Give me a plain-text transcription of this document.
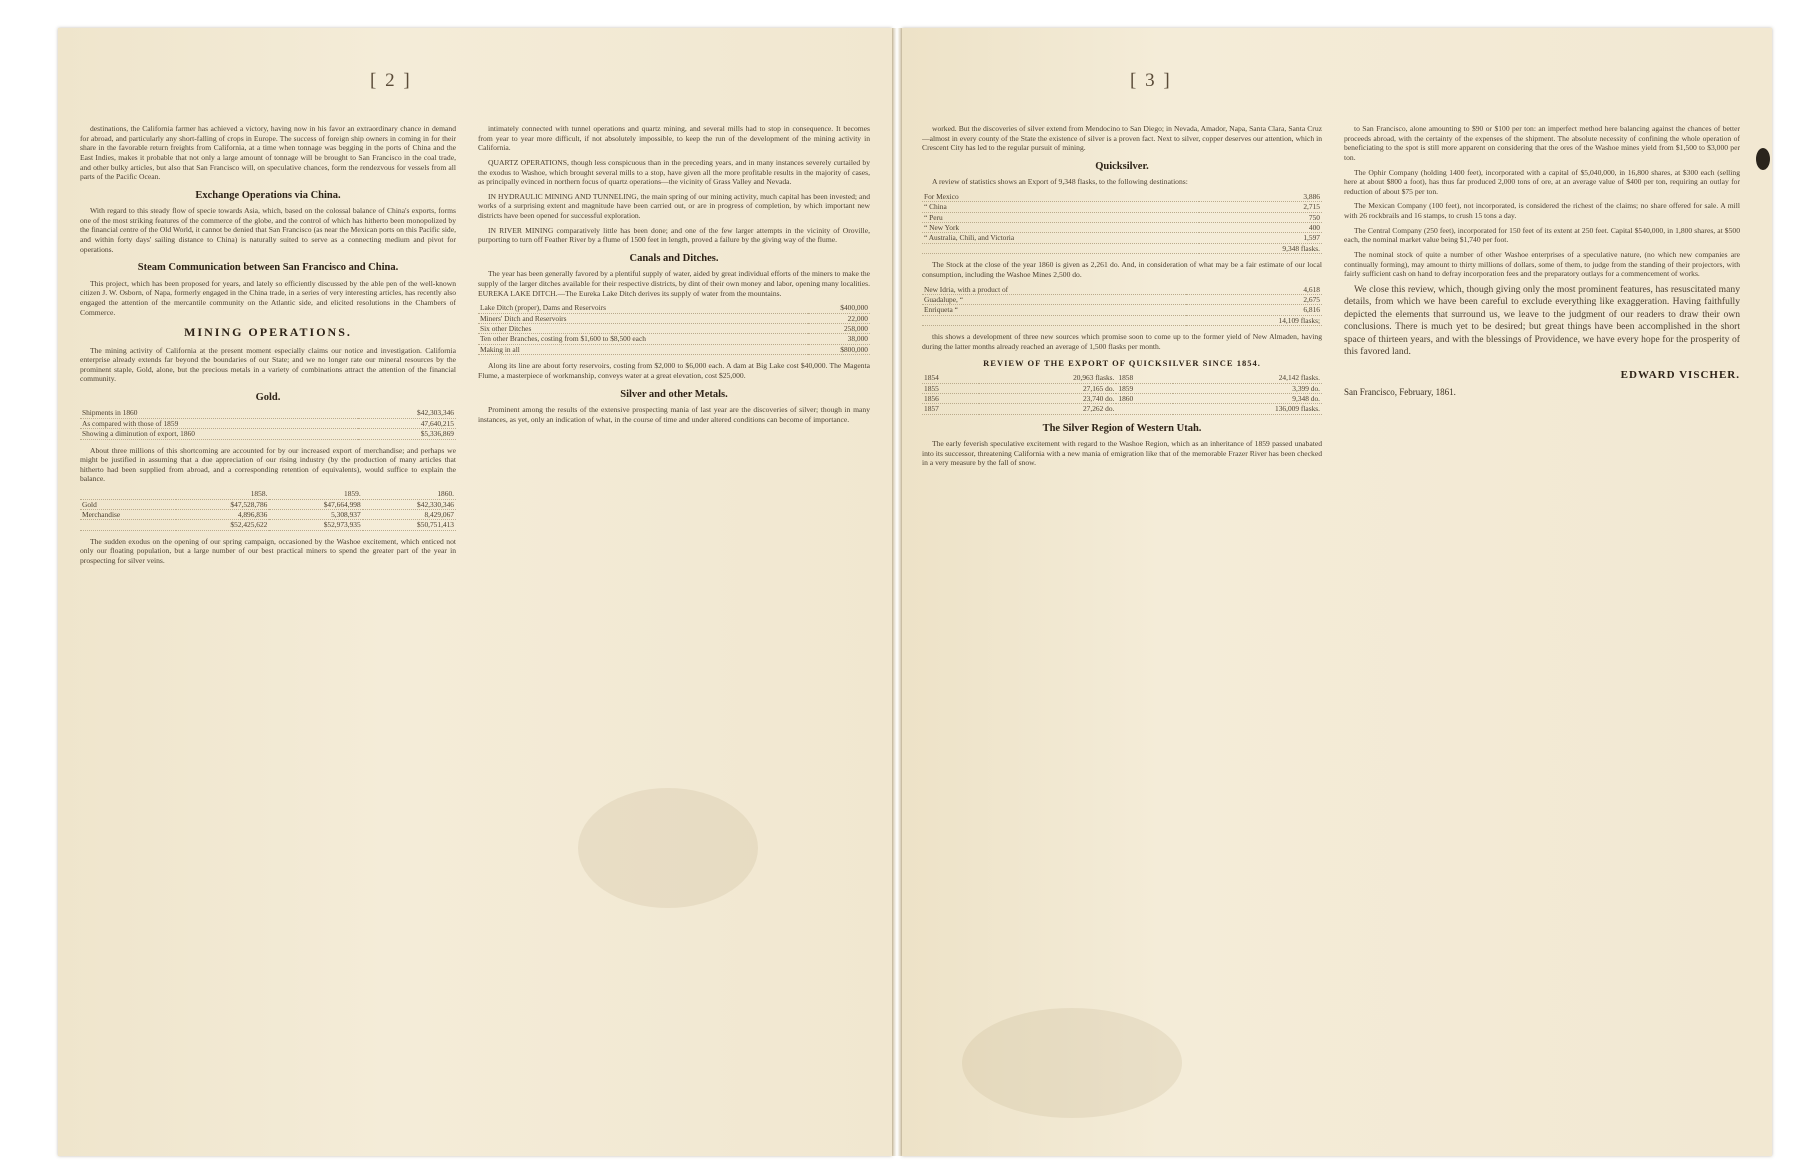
[ 2 ]

destinations, the California farmer has achieved a victory, having now in his favor an extraordinary chance in demand for abroad, and particularly any short-falling of crops in Europe. The success of foreign ship owners in coming in for their share in the favorable return freights from California, at a time when tonnage was begging in the ports of China and the East Indies, makes it probable that not only a large amount of tonnage will be brought to San Francisco in the coal trade, and other bulky articles, but also that San Francisco will, on speculative chances, form the rendezvous for vessels from all parts of the Pacific Ocean.

Exchange Operations via China.

With regard to this steady flow of specie towards Asia, which, based on the colossal balance of China's exports, forms one of the most striking features of the commerce of the globe, and the control of which has hitherto been monopolized by the financial centre of the Old World, it cannot be denied that San Francisco (as near the Mexican ports on this Pacific side, and within forty days' sailing distance to China) is naturally suited to serve as a connecting medium and pivot for operations.

Steam Communication between San Francisco and China.

This project, which has been proposed for years, and lately so efficiently discussed by the able pen of the well-known citizen J. W. Osborn, of Napa, formerly engaged in the China trade, in a series of very interesting articles, has recently also engaged the attention of the mercantile community on the Atlantic side, and elicited resolutions in the Chambers of Commerce.

MINING OPERATIONS.

The mining activity of California at the present moment especially claims our notice and investigation. California enterprise already extends far beyond the boundaries of our State; and we no longer rate our mineral resources by the prominent staple, Gold, alone, but the precious metals in a variety of combinations attract the attention of the financial community.

Gold.
Shipments in 1860	$42,303,346
As compared with those of 1859	47,640,215
Showing a diminution of export, 1860	$5,336,869

About three millions of this shortcoming are accounted for by our increased export of merchandise; and perhaps we might be justified in assuming that a due appreciation of our rising industry (by the production of many articles that hitherto had been supplied from abroad, and a corresponding retention of equivalents), would suffice to explain the balance.

	1858.	1859.	1860.
Gold	$47,528,786	$47,664,998	$42,330,346
Merchandise	4,896,836	5,308,937	8,429,067
	$52,425,622	$52,973,935	$50,751,413

The sudden exodus on the opening of our spring campaign, occasioned by the Washoe excitement, which enticed not only our floating population, but a large number of our best practical miners to spend the greater part of the year in prospecting for silver veins.

intimately connected with tunnel operations and quartz mining, and several mills had to stop in consequence. It becomes from year to year more difficult, if not absolutely impossible, to keep the run of the development of the mining activity in California.

QUARTZ OPERATIONS, though less conspicuous than in the preceding years, and in many instances severely curtailed by the exodus to Washoe, which brought several mills to a stop, have given all the more profitable results in the majority of cases, as principally evinced in northern focus of quartz operations—the vicinity of Grass Valley and Nevada.

IN HYDRAULIC MINING AND TUNNELING, the main spring of our mining activity, much capital has been invested; and works of a surprising extent and magnitude have been carried out, or are in progress of completion, by which important new districts have been opened for successful exploration.

IN RIVER MINING comparatively little has been done; and one of the few larger attempts in the vicinity of Oroville, purporting to turn off Feather River by a flume of 1500 feet in length, proved a failure by the giving way of the flume.

Canals and Ditches.

The year has been generally favored by a plentiful supply of water, aided by great individual efforts of the miners to make the supply of the larger ditches available for their respective districts, by dint of their own money and labor, opening many localities. EUREKA LAKE DITCH.—The Eureka Lake Ditch derives its supply of water from the mountains.

Lake Ditch (proper), Dams and Reservoirs	$400,000
Miners' Ditch and Reservoirs	22,000
Six other Ditches	258,000
Ten other Branches, costing from $1,600 to $8,500 each	38,000
Making in all	$800,000

Along its line are about forty reservoirs, costing from $2,000 to $6,000 each. A dam at Big Lake cost $40,000. The Magenta Flume, a masterpiece of workmanship, conveys water at a great elevation, cost $25,000.

Silver and other Metals.

Prominent among the results of the extensive prospecting mania of last year are the discoveries of silver; though in many instances, as yet, only an indication of what, in the course of time and under altered conditions can become of importance.

[ 3 ]

worked. But the discoveries of silver extend from Mendocino to San Diego; in Nevada, Amador, Napa, Santa Clara, Santa Cruz—almost in every county of the State the existence of silver is a proven fact. Next to silver, copper deserves our attention, which in Crescent City has led to the regular pursuit of mining.

Quicksilver.

A review of statistics shows an Export of 9,348 flasks, to the following destinations:

For Mexico	3,886
“ China	2,715
“ Peru	750
“ New York	400
“ Australia, Chili, and Victoria	1,597
	9,348 flasks.

The Stock at the close of the year 1860 is given as 2,261 do. And, in consideration of what may be a fair estimate of our local consumption, including the Washoe Mines 2,500 do.

New Idria, with a product of	4,618
Guadalupe, “	2,675
Enriqueta “	6,816
	14,109 flasks;

this shows a development of three new sources which promise soon to come up to the former yield of New Almaden, having during the latter months already reached an average of 1,500 flasks per month.

REVIEW OF THE EXPORT OF QUICKSILVER SINCE 1854.
1854	20,963 flasks.	1858	24,142 flasks.
1855	27,165 do.	1859	3,399 do.
1856	23,740 do.	1860	9,348 do.
1857	27,262 do.		136,009 flasks.
The Silver Region of Western Utah.

The early feverish speculative excitement with regard to the Washoe Region, which as an inheritance of 1859 passed unabated into its successor, threatening California with a new mania of emigration like that of the memorable Frazer River has been checked in a very measure by the fall of snow.

to San Francisco, alone amounting to $90 or $100 per ton: an imperfect method here balancing against the chances of better proceeds abroad, with the certainty of the expenses of the shipment. The absolute necessity of confining the whole operation of beneficiating to the spot is still more apparent on considering that the ores of the Washoe mines yield from $1,500 to $3,000 per ton.

The Ophir Company (holding 1400 feet), incorporated with a capital of $5,040,000, in 16,800 shares, at $300 each (selling here at about $800 a foot), has thus far produced 2,000 tons of ore, at an average value of $400 per ton, requiring an outlay for reduction of about $75 per ton.

The Mexican Company (100 feet), not incorporated, is considered the richest of the claims; no share offered for sale. A mill with 26 rockbrails and 16 stamps, to crush 15 tons a day.

The Central Company (250 feet), incorporated for 150 feet of its extent at 250 feet. Capital $540,000, in 1,800 shares, at $500 each, the nominal market value being $1,740 per foot.

The nominal stock of quite a number of other Washoe enterprises of a speculative nature, (no which new companies are continually forming), may amount to thirty millions of dollars, some of them, to judge from the standing of their projectors, with fairly sufficient cash on hand to defray incorporation fees and the preparatory outlays for a commencement of works.

We close this review, which, though giving only the most prominent features, has resuscitated many details, from which we have been careful to exclude everything like exaggeration. Having faithfully depicted the elements that surround us, we leave to the judgment of our readers to draw their own conclusions. There is much yet to be desired; but great things have been accomplished in the short space of thirteen years, and with the blessings of Providence, we have every hope for the prosperity of this favored land.

EDWARD VISCHER.
San Francisco, February, 1861.
